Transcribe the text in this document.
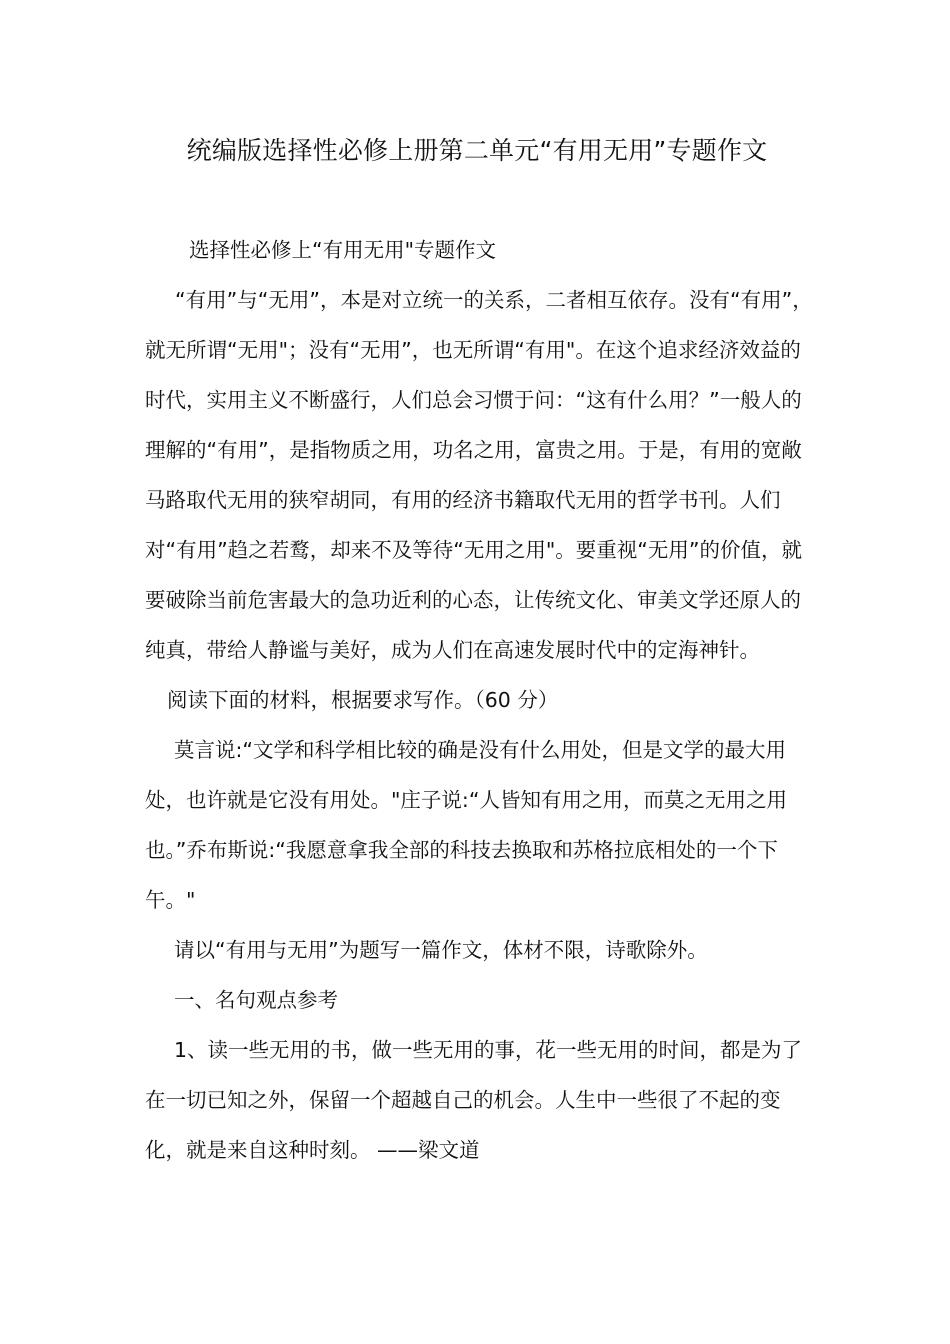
统编版选择性必修上册第二单元“有用无用”专题作文

选择性必修上“有用无用"专题作文

“有用”与“无用”，本是对立统一的关系，二者相互依存。没有“有用”，就无所谓“无用"；没有“无用”，也无所谓“有用"。在这个追求经济效益的时代，实用主义不断盛行，人们总会习惯于问：“这有什么用？”一般人的理解的“有用”，是指物质之用，功名之用，富贵之用。于是，有用的宽敞马路取代无用的狭窄胡同，有用的经济书籍取代无用的哲学书刊。人们对“有用”趋之若鹜，却来不及等待“无用之用"。要重视“无用”的价值，就要破除当前危害最大的急功近利的心态，让传统文化、审美文学还原人的纯真，带给人静谧与美好，成为人们在高速发展时代中的定海神针。

阅读下面的材料，根据要求写作。（60 分）

莫言说:“文学和科学相比较的确是没有什么用处，但是文学的最大用处，也许就是它没有用处。"庄子说:“人皆知有用之用，而莫之无用之用也。”乔布斯说:“我愿意拿我全部的科技去换取和苏格拉底相处的一个下午。"

请以“有用与无用”为题写一篇作文，体材不限，诗歌除外。

一、名句观点参考

1、读一些无用的书，做一些无用的事，花一些无用的时间，都是为了在一切已知之外，保留一个超越自己的机会。人生中一些很了不起的变化，就是来自这种时刻。 ——梁文道
